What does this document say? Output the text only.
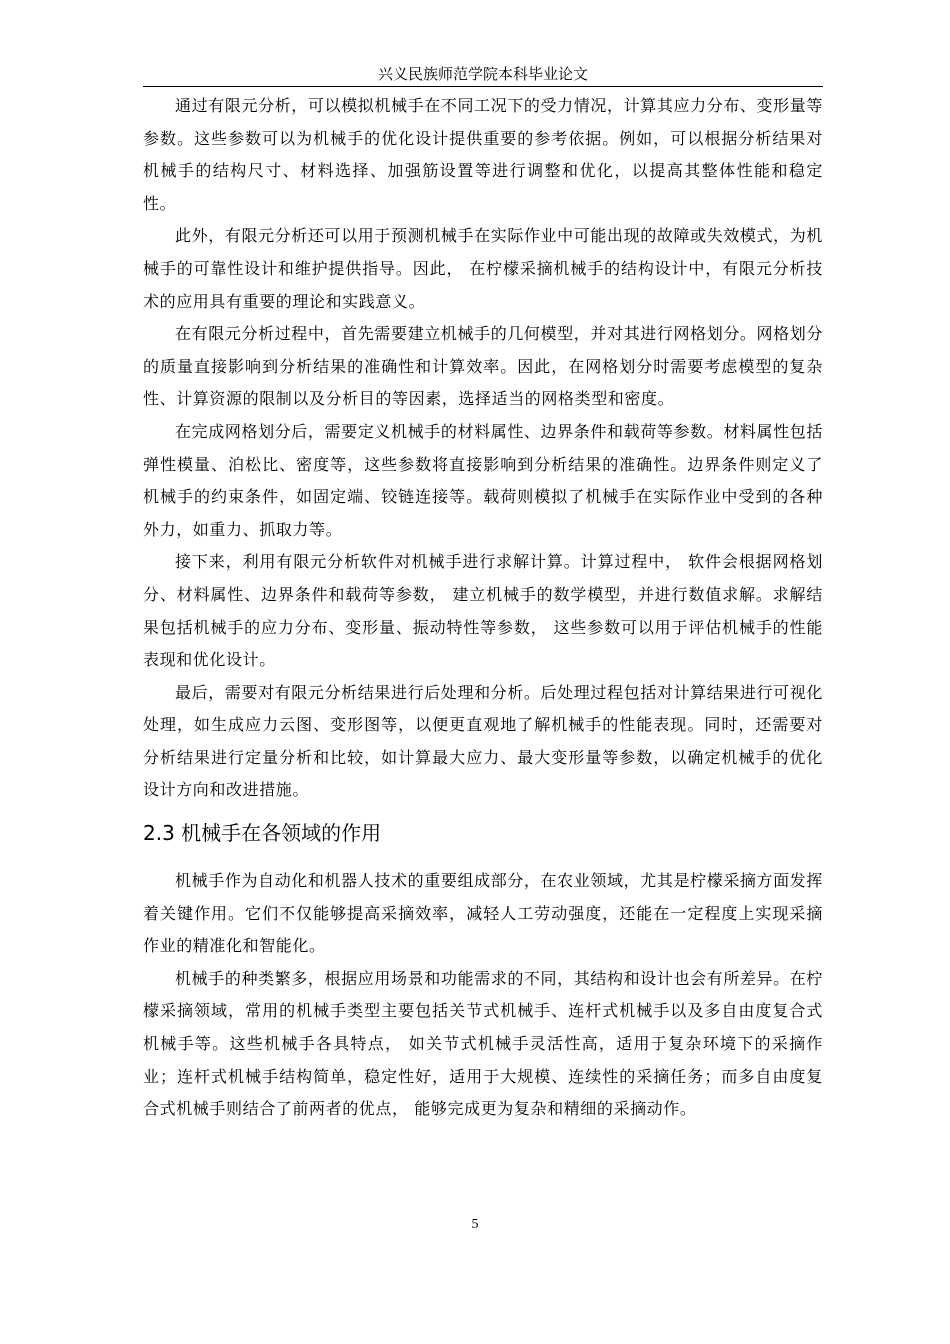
兴义民族师范学院本科毕业论文

通过有限元分析，可以模拟机械手在不同工况下的受力情况，计算其应力分布、变形量等参数。这些参数可以为机械手的优化设计提供重要的参考依据。例如，可以根据分析结果对机械手的结构尺寸、材料选择、加强筋设置等进行调整和优化，以提高其整体性能和稳定性。

此外，有限元分析还可以用于预测机械手在实际作业中可能出现的故障或失效模式，为机械手的可靠性设计和维护提供指导。因此， 在柠檬采摘机械手的结构设计中，有限元分析技术的应用具有重要的理论和实践意义。

在有限元分析过程中，首先需要建立机械手的几何模型，并对其进行网格划分。网格划分的质量直接影响到分析结果的准确性和计算效率。因此，在网格划分时需要考虑模型的复杂性、计算资源的限制以及分析目的等因素，选择适当的网格类型和密度。

在完成网格划分后，需要定义机械手的材料属性、边界条件和载荷等参数。材料属性包括弹性模量、泊松比、密度等，这些参数将直接影响到分析结果的准确性。边界条件则定义了机械手的约束条件，如固定端、铰链连接等。载荷则模拟了机械手在实际作业中受到的各种外力，如重力、抓取力等。

接下来，利用有限元分析软件对机械手进行求解计算。计算过程中， 软件会根据网格划分、材料属性、边界条件和载荷等参数， 建立机械手的数学模型，并进行数值求解。求解结果包括机械手的应力分布、变形量、振动特性等参数， 这些参数可以用于评估机械手的性能表现和优化设计。

最后，需要对有限元分析结果进行后处理和分析。后处理过程包括对计算结果进行可视化处理，如生成应力云图、变形图等，以便更直观地了解机械手的性能表现。同时，还需要对分析结果进行定量分析和比较，如计算最大应力、最大变形量等参数，以确定机械手的优化设计方向和改进措施。

2.3 机械手在各领域的作用

机械手作为自动化和机器人技术的重要组成部分，在农业领域，尤其是柠檬采摘方面发挥着关键作用。它们不仅能够提高采摘效率，减轻人工劳动强度，还能在一定程度上实现采摘作业的精准化和智能化。

机械手的种类繁多，根据应用场景和功能需求的不同，其结构和设计也会有所差异。在柠檬采摘领域，常用的机械手类型主要包括关节式机械手、连杆式机械手以及多自由度复合式机械手等。这些机械手各具特点， 如关节式机械手灵活性高，适用于复杂环境下的采摘作业；连杆式机械手结构简单，稳定性好，适用于大规模、连续性的采摘任务；而多自由度复合式机械手则结合了前两者的优点， 能够完成更为复杂和精细的采摘动作。

5
